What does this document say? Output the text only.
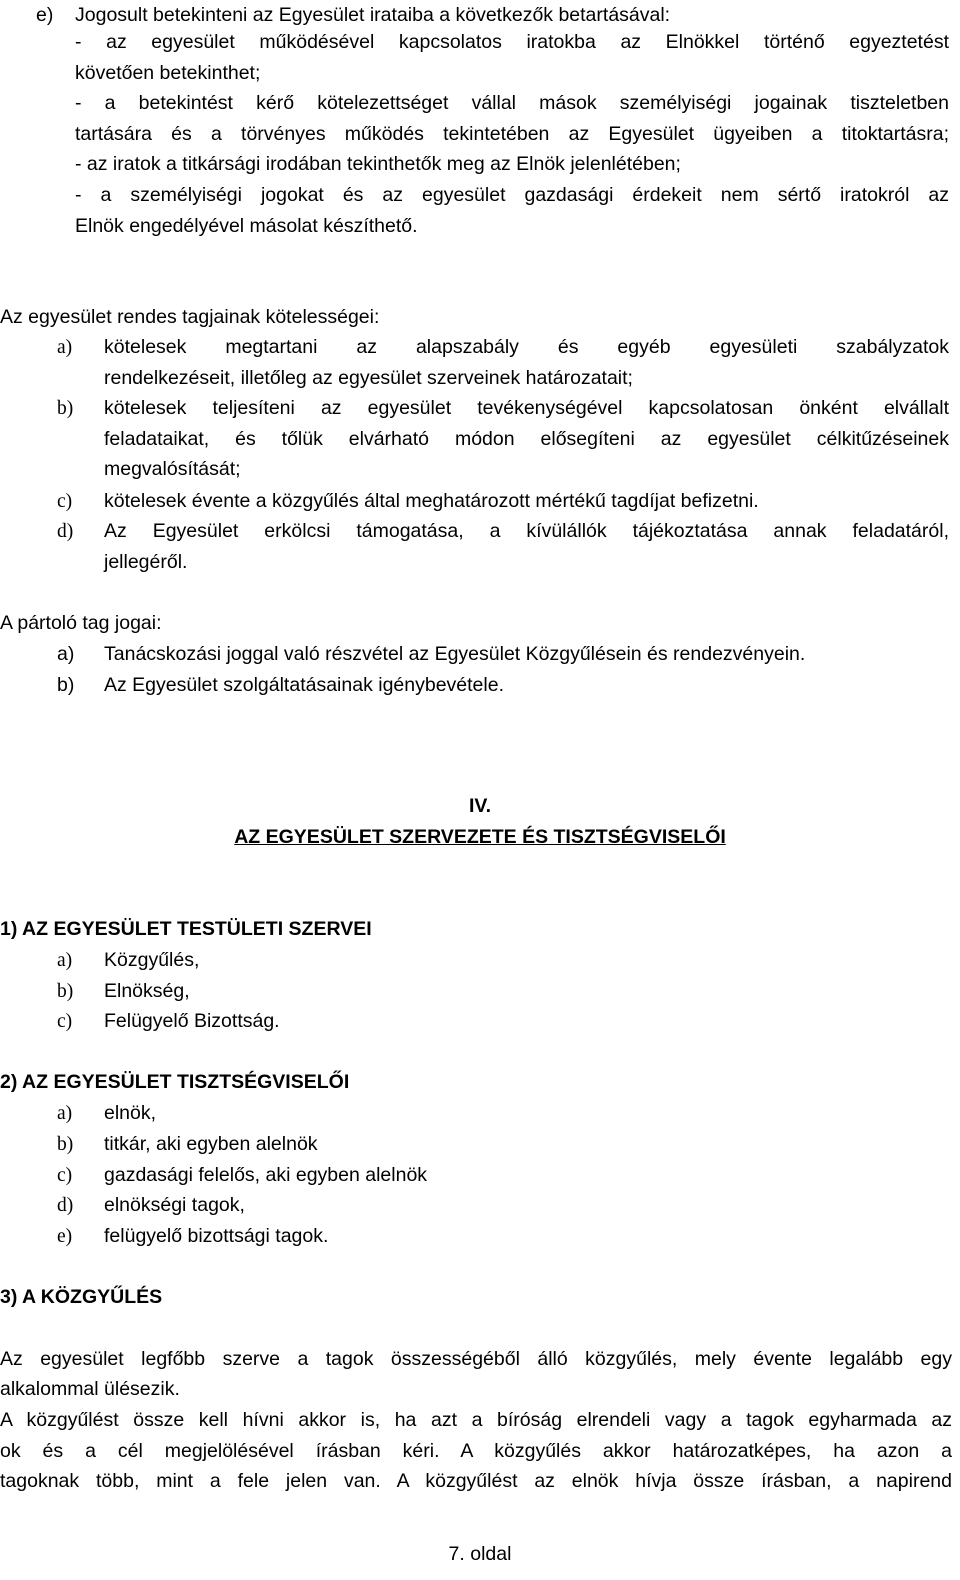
e) Jogosult betekinteni az Egyesület irataiba a következők betartásával:
- az egyesület működésével kapcsolatos iratokba az Elnökkel történő egyeztetést
követően betekinthet;
- a betekintést kérő kötelezettséget vállal mások személyiségi jogainak tiszteletben
tartására és a törvényes működés tekintetében az Egyesület ügyeiben a titoktartásra;
- az iratok a titkársági irodában tekinthetők meg az Elnök jelenlétében;
- a személyiségi jogokat és az egyesület gazdasági érdekeit nem sértő iratokról az
Elnök engedélyével másolat készíthető.
Az egyesület rendes tagjainak kötelességei:
a) kötelesek megtartani az alapszabály és egyéb egyesületi szabályzatok
rendelkezéseit, illetőleg az egyesület szerveinek határozatait;
b) kötelesek teljesíteni az egyesület tevékenységével kapcsolatosan önként elvállalt
feladataikat, és tőlük elvárható módon elősegíteni az egyesület célkitűzéseinek
megvalósítását;
c) kötelesek évente a közgyűlés által meghatározott mértékű tagdíjat befizetni.
d) Az Egyesület erkölcsi támogatása, a kívülállók tájékoztatása annak feladatáról,
jellegéről.
A pártoló tag jogai:
a) Tanácskozási joggal való részvétel az Egyesület Közgyűlésein és rendezvényein.
b) Az Egyesület szolgáltatásainak igénybevétele.
IV.
AZ EGYESÜLET SZERVEZETE ÉS TISZTSÉGVISELŐI
1) AZ EGYESÜLET TESTÜLETI SZERVEI
a) Közgyűlés,
b) Elnökség,
c) Felügyelő Bizottság.
2) AZ EGYESÜLET TISZTSÉGVISELŐI
a) elnök,
b) titkár, aki egyben alelnök
c) gazdasági felelős, aki egyben alelnök
d) elnökségi tagok,
e) felügyelő bizottsági tagok.
3) A KÖZGYŰLÉS
Az egyesület legfőbb szerve a tagok összességéből álló közgyűlés, mely évente legalább egy
alkalommal ülésezik.
A közgyűlést össze kell hívni akkor is, ha azt a bíróság elrendeli vagy a tagok egyharmada az
ok és a cél megjelölésével írásban kéri. A közgyűlés akkor határozatképes, ha azon a
tagoknak több, mint a fele jelen van. A közgyűlést az elnök hívja össze írásban, a napirend
7. oldal
